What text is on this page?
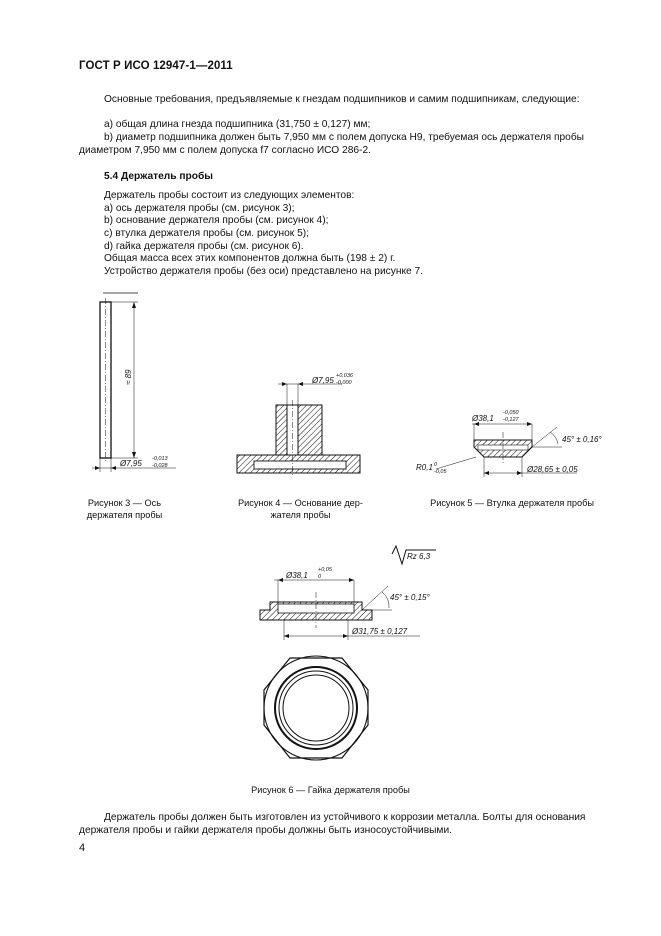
ГОСТ Р ИСО 12947-1—2011
Основные требования, предъявляемые к гнездам подшипников и самим подшипникам, следующие:
a) общая длина гнезда подшипника (31,750 ± 0,127) мм;
b) диаметр подшипника должен быть 7,950 мм с полем допуска H9, требуемая ось держателя пробы диаметром 7,950 мм с полем допуска f7 согласно ИСО 286-2.
5.4 Держатель пробы
Держатель пробы состоит из следующих элементов:
a) ось держателя пробы (см. рисунок 3);
b) основание держателя пробы (см. рисунок 4);
c) втулка держателя пробы (см. рисунок 5);
d) гайка держателя пробы (см. рисунок 6).
Общая масса всех этих компонентов должна быть (198 ± 2) г.
Устройство держателя пробы (без оси) представлено на рисунке 7.
≈ 89
Ø7,95 -0,013
-0,028
Рисунок 3 — Ось
держателя пробы
Ø7,95 +0,036
-0,000
Рисунок 4 — Основание дер-
жателя пробы
Ø38,1
-0,050
-0,127
45° ± 0,16°
R0,1 0
-0,05	Ø28,65 ± 0,05
Рисунок 5 — Втулка держателя пробы
Rz 6,3
Ø38,1
+0,05
0
45° ± 0,15°
Ø31,75 ± 0,127
Рисунок 6 — Гайка держателя пробы
Держатель пробы должен быть изготовлен из устойчивого к коррозии металла. Болты для основания держателя пробы и гайки держателя пробы должны быть износоустойчивыми.
4
